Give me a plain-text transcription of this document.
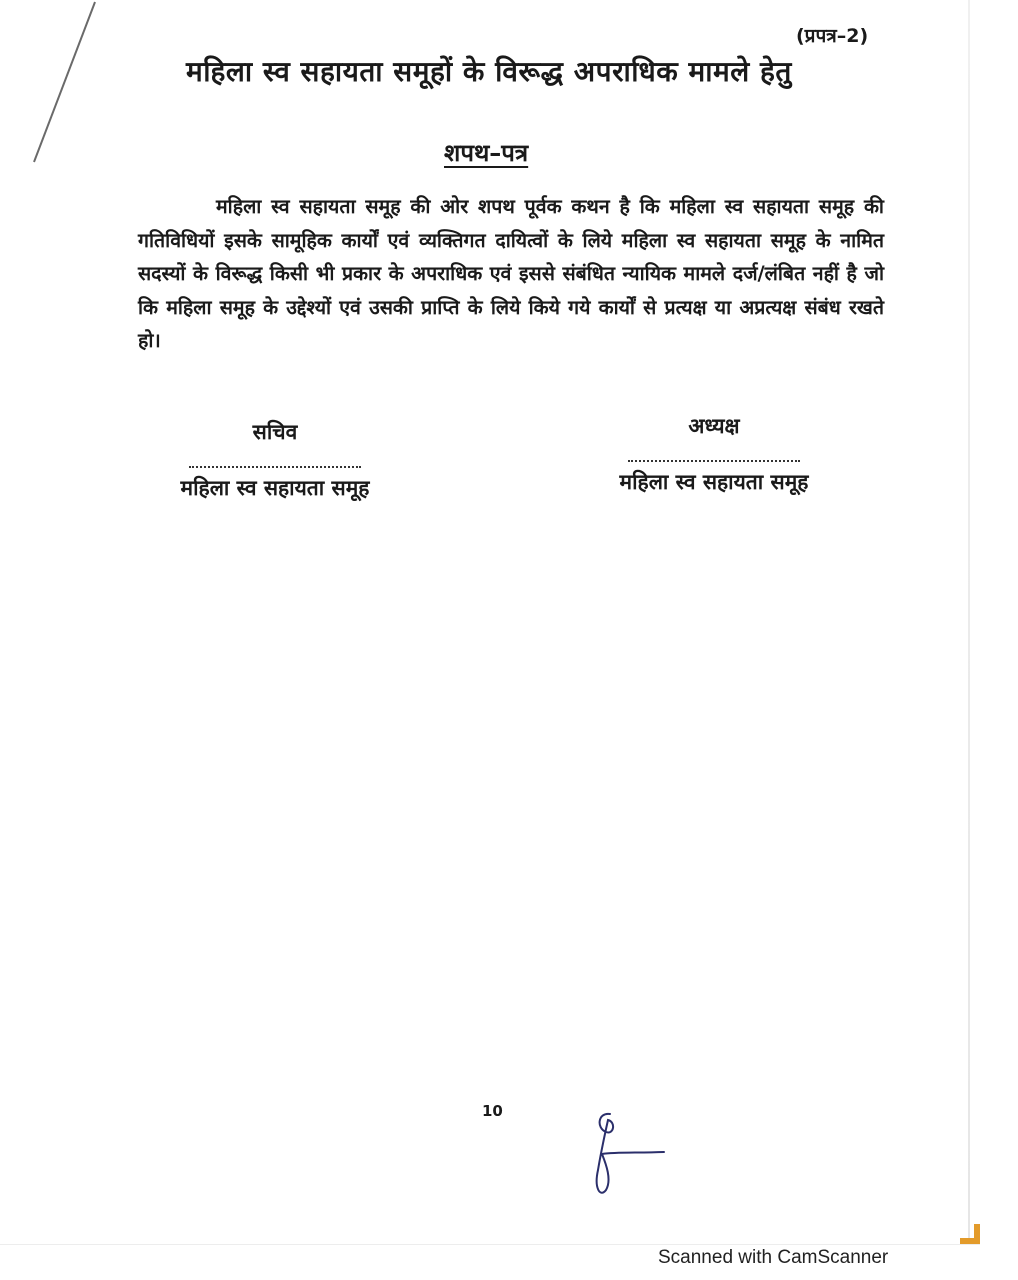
(प्रपत्र–2)
महिला स्व सहायता समूहों के विरूद्ध अपराधिक मामले हेतु
शपथ–पत्र
महिला स्व सहायता समूह की ओर शपथ पूर्वक कथन है कि महिला स्व सहायता समूह की गतिविधियों इसके सामूहिक कार्यों एवं व्यक्तिगत दायित्वों के लिये महिला स्व सहायता समूह के नामित सदस्यों के विरूद्ध किसी भी प्रकार के अपराधिक एवं इससे संबंधित न्यायिक मामले दर्ज/लंबित नहीं है जो कि महिला समूह के उद्देश्यों एवं उसकी प्राप्ति के लिये किये गये कार्यों से प्रत्यक्ष या अप्रत्यक्ष संबंध रखते हो।
सचिव
महिला स्व सहायता समूह
अध्यक्ष
महिला स्व सहायता समूह
10
Scanned with CamScanner
